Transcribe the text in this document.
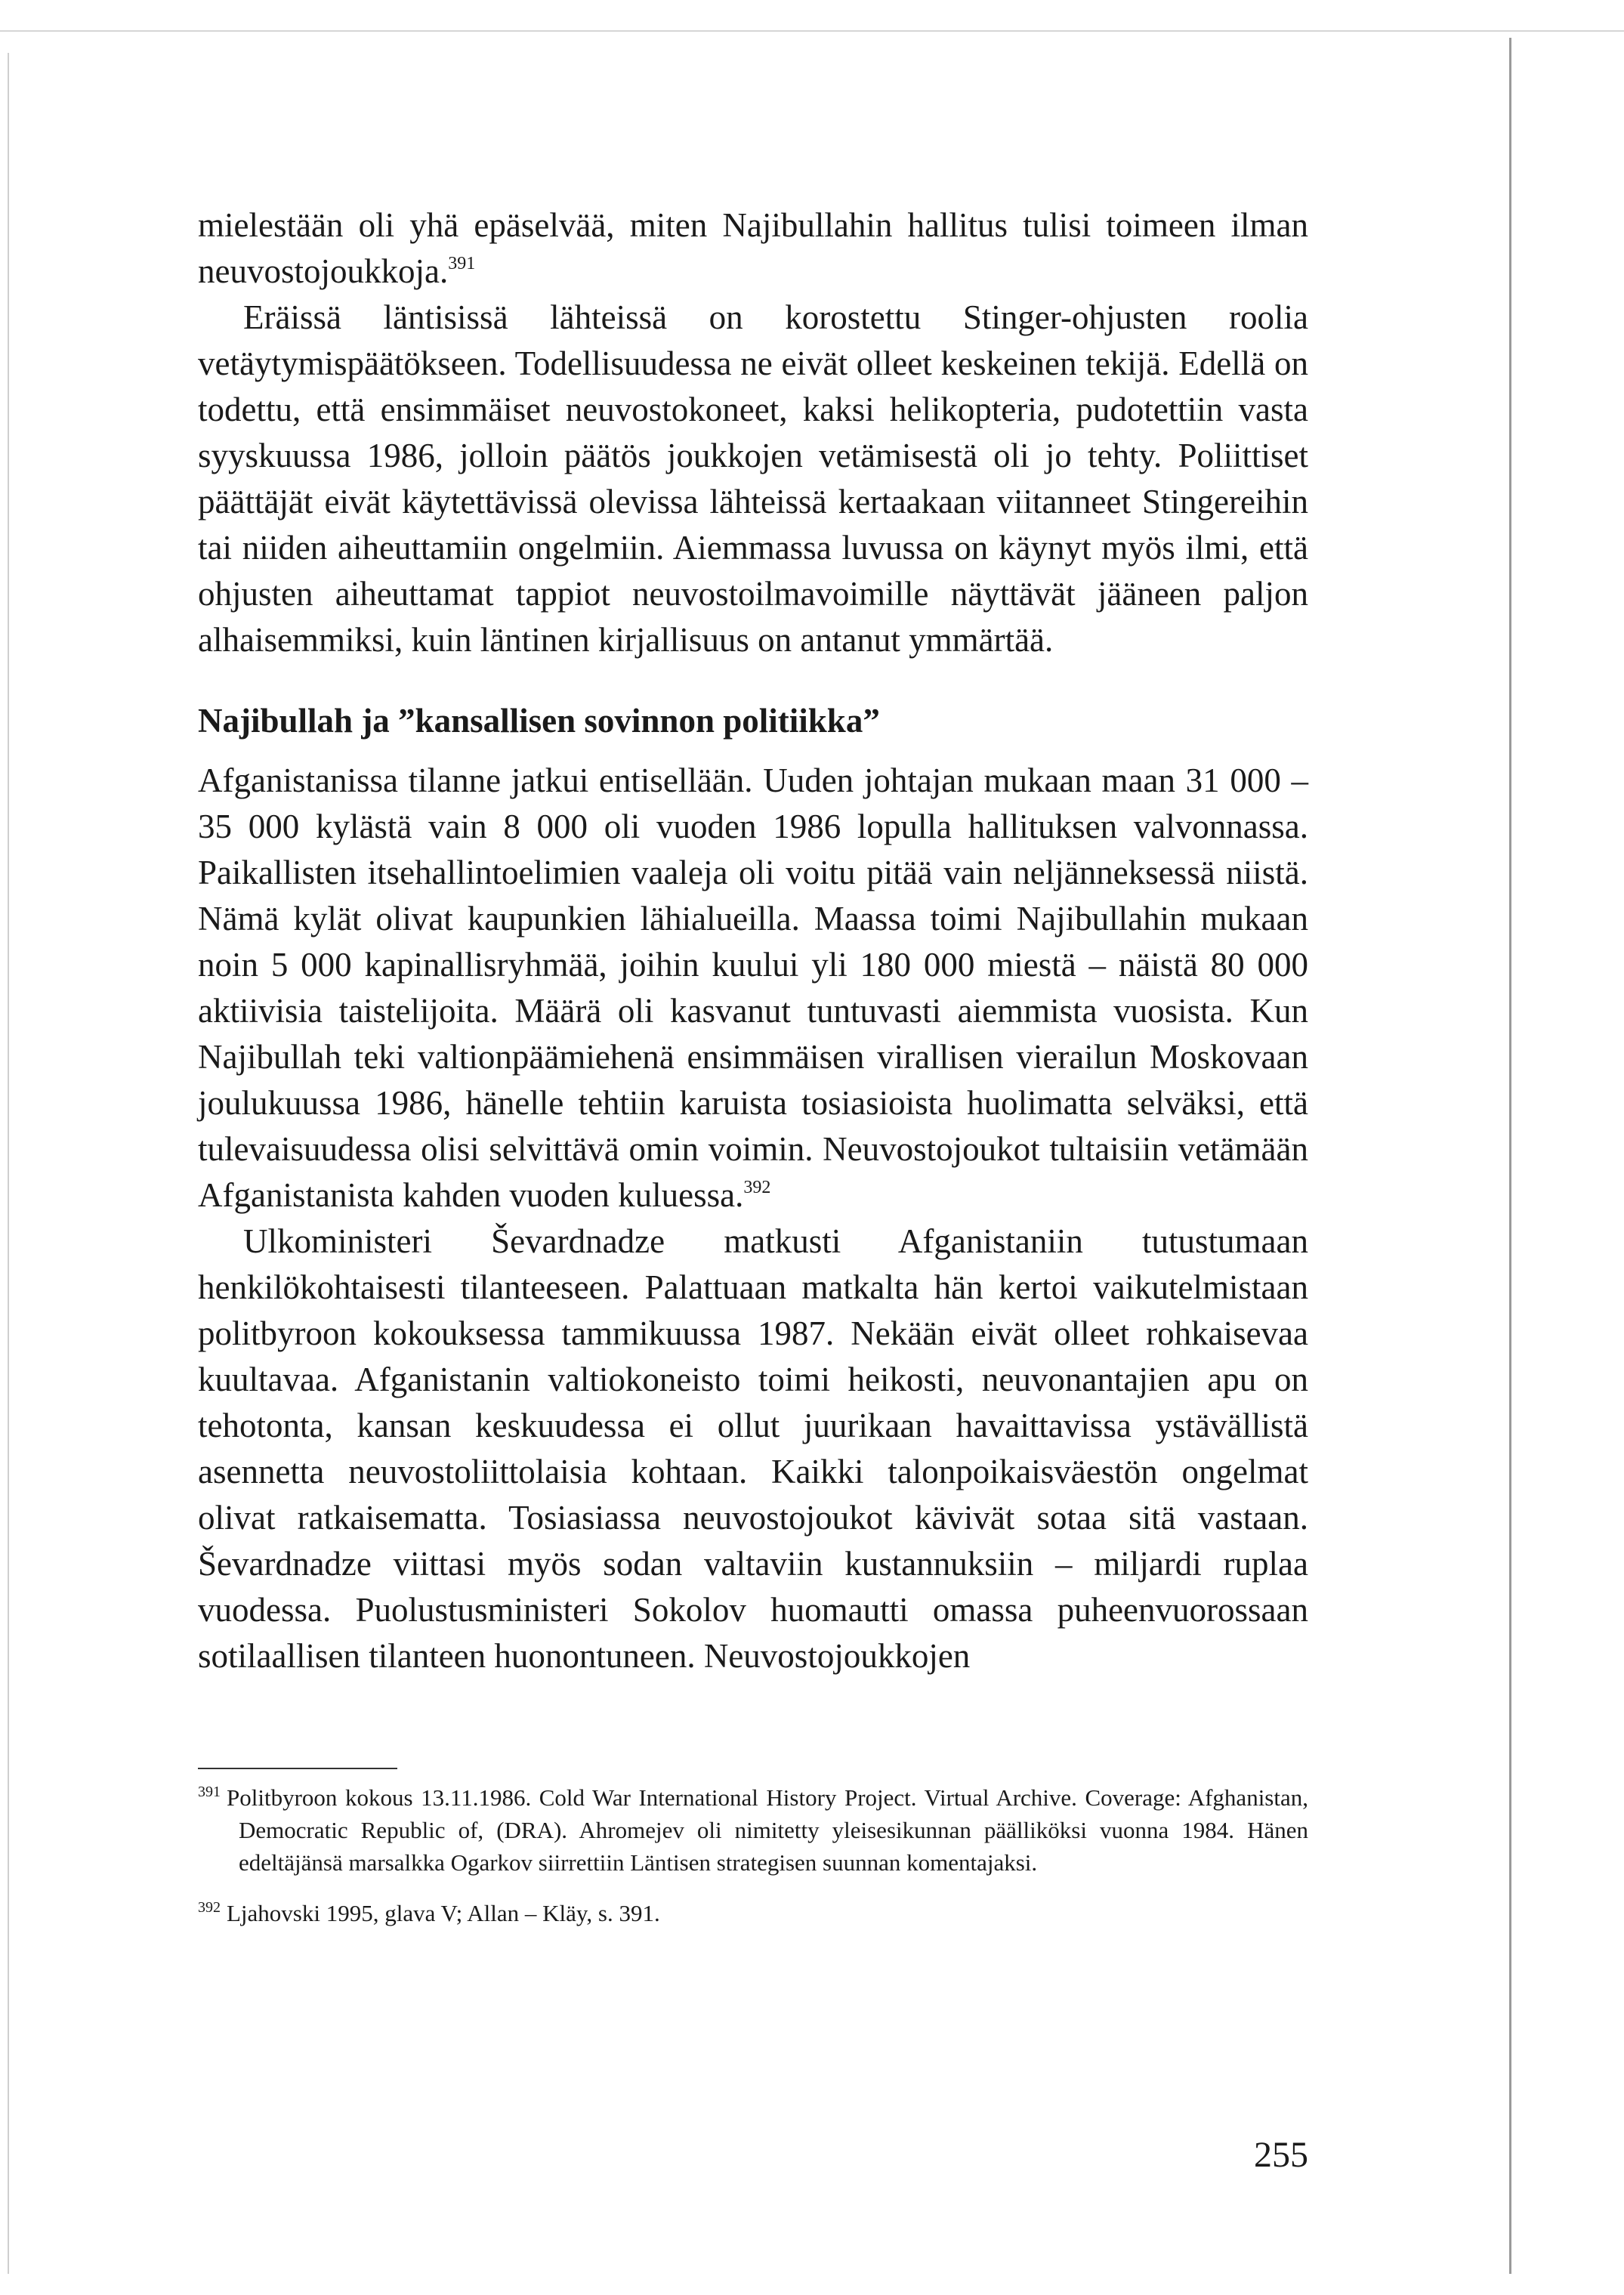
mielestään oli yhä epäselvää, miten Najibullahin hallitus tulisi toimeen ilman neuvostojoukkoja.$^{391}$

Eräissä läntisissä lähteissä on korostettu Stinger-ohjusten roolia vetäytymispäätökseen. Todellisuudessa ne eivät olleet keskeinen tekijä. Edellä on todettu, että ensimmäiset neuvostokoneet, kaksi helikopteria, pudotettiin vasta syyskuussa 1986, jolloin päätös joukkojen vetämisestä oli jo tehty. Poliittiset päättäjät eivät käytettävissä olevissa lähteissä kertaakaan viitanneet Stingereihin tai niiden aiheuttamiin ongelmiin. Aiemmassa luvussa on käynyt myös ilmi, että ohjusten aiheuttamat tappiot neuvostoilmavoimille näyttävät jääneen paljon alhaisemmiksi, kuin läntinen kirjallisuus on antanut ymmärtää.

Najibullah ja ”kansallisen sovinnon politiikka”

Afganistanissa tilanne jatkui entisellään. Uuden johtajan mukaan maan 31 000 – 35 000 kylästä vain 8 000 oli vuoden 1986 lopulla hallituksen valvonnassa. Paikallisten itsehallintoelimien vaaleja oli voitu pitää vain neljänneksessä niistä. Nämä kylät olivat kaupunkien lähialueilla. Maassa toimi Najibullahin mukaan noin 5 000 kapinallisryhmää, joihin kuului yli 180 000 miestä – näistä 80 000 aktiivisia taistelijoita. Määrä oli kasvanut tuntuvasti aiemmista vuosista. Kun Najibullah teki valtionpäämiehenä ensimmäisen virallisen vierailun Moskovaan joulukuussa 1986, hänelle tehtiin karuista tosiasioista huolimatta selväksi, että tulevaisuudessa olisi selvittävä omin voimin. Neuvostojoukot tultaisiin vetämään Afganistanista kahden vuoden kuluessa.$^{392}$

Ulkoministeri Ševardnadze matkusti Afganistaniin tutustumaan henkilökohtaisesti tilanteeseen. Palattuaan matkalta hän kertoi vaikutelmistaan politbyroon kokouksessa tammikuussa 1987. Nekään eivät olleet rohkaisevaa kuultavaa. Afganistanin valtiokoneisto toimi heikosti, neuvonantajien apu on tehotonta, kansan keskuudessa ei ollut juurikaan havaittavissa ystävällistä asennetta neuvostoliittolaisia kohtaan. Kaikki talonpoikaisväestön ongelmat olivat ratkaisematta. Tosiasiassa neuvostojoukot kävivät sotaa sitä vastaan. Ševardnadze viittasi myös sodan valtaviin kustannuksiin – miljardi ruplaa vuodessa. Puolustusministeri Sokolov huomautti omassa puheenvuorossaan sotilaallisen tilanteen huonontuneen. Neuvostojoukkojen

$^{391}$ Politbyroon kokous 13.11.1986. Cold War International History Project. Virtual Archive. Coverage: Afghanistan, Democratic Republic of, (DRA). Ahromejev oli nimitetty yleisesikunnan päälliköksi vuonna 1984. Hänen edeltäjänsä marsalkka Ogarkov siirrettiin Läntisen strategisen suunnan komentajaksi.

$^{392}$ Ljahovski 1995, glava V; Allan – Kläy, s. 391.

255
